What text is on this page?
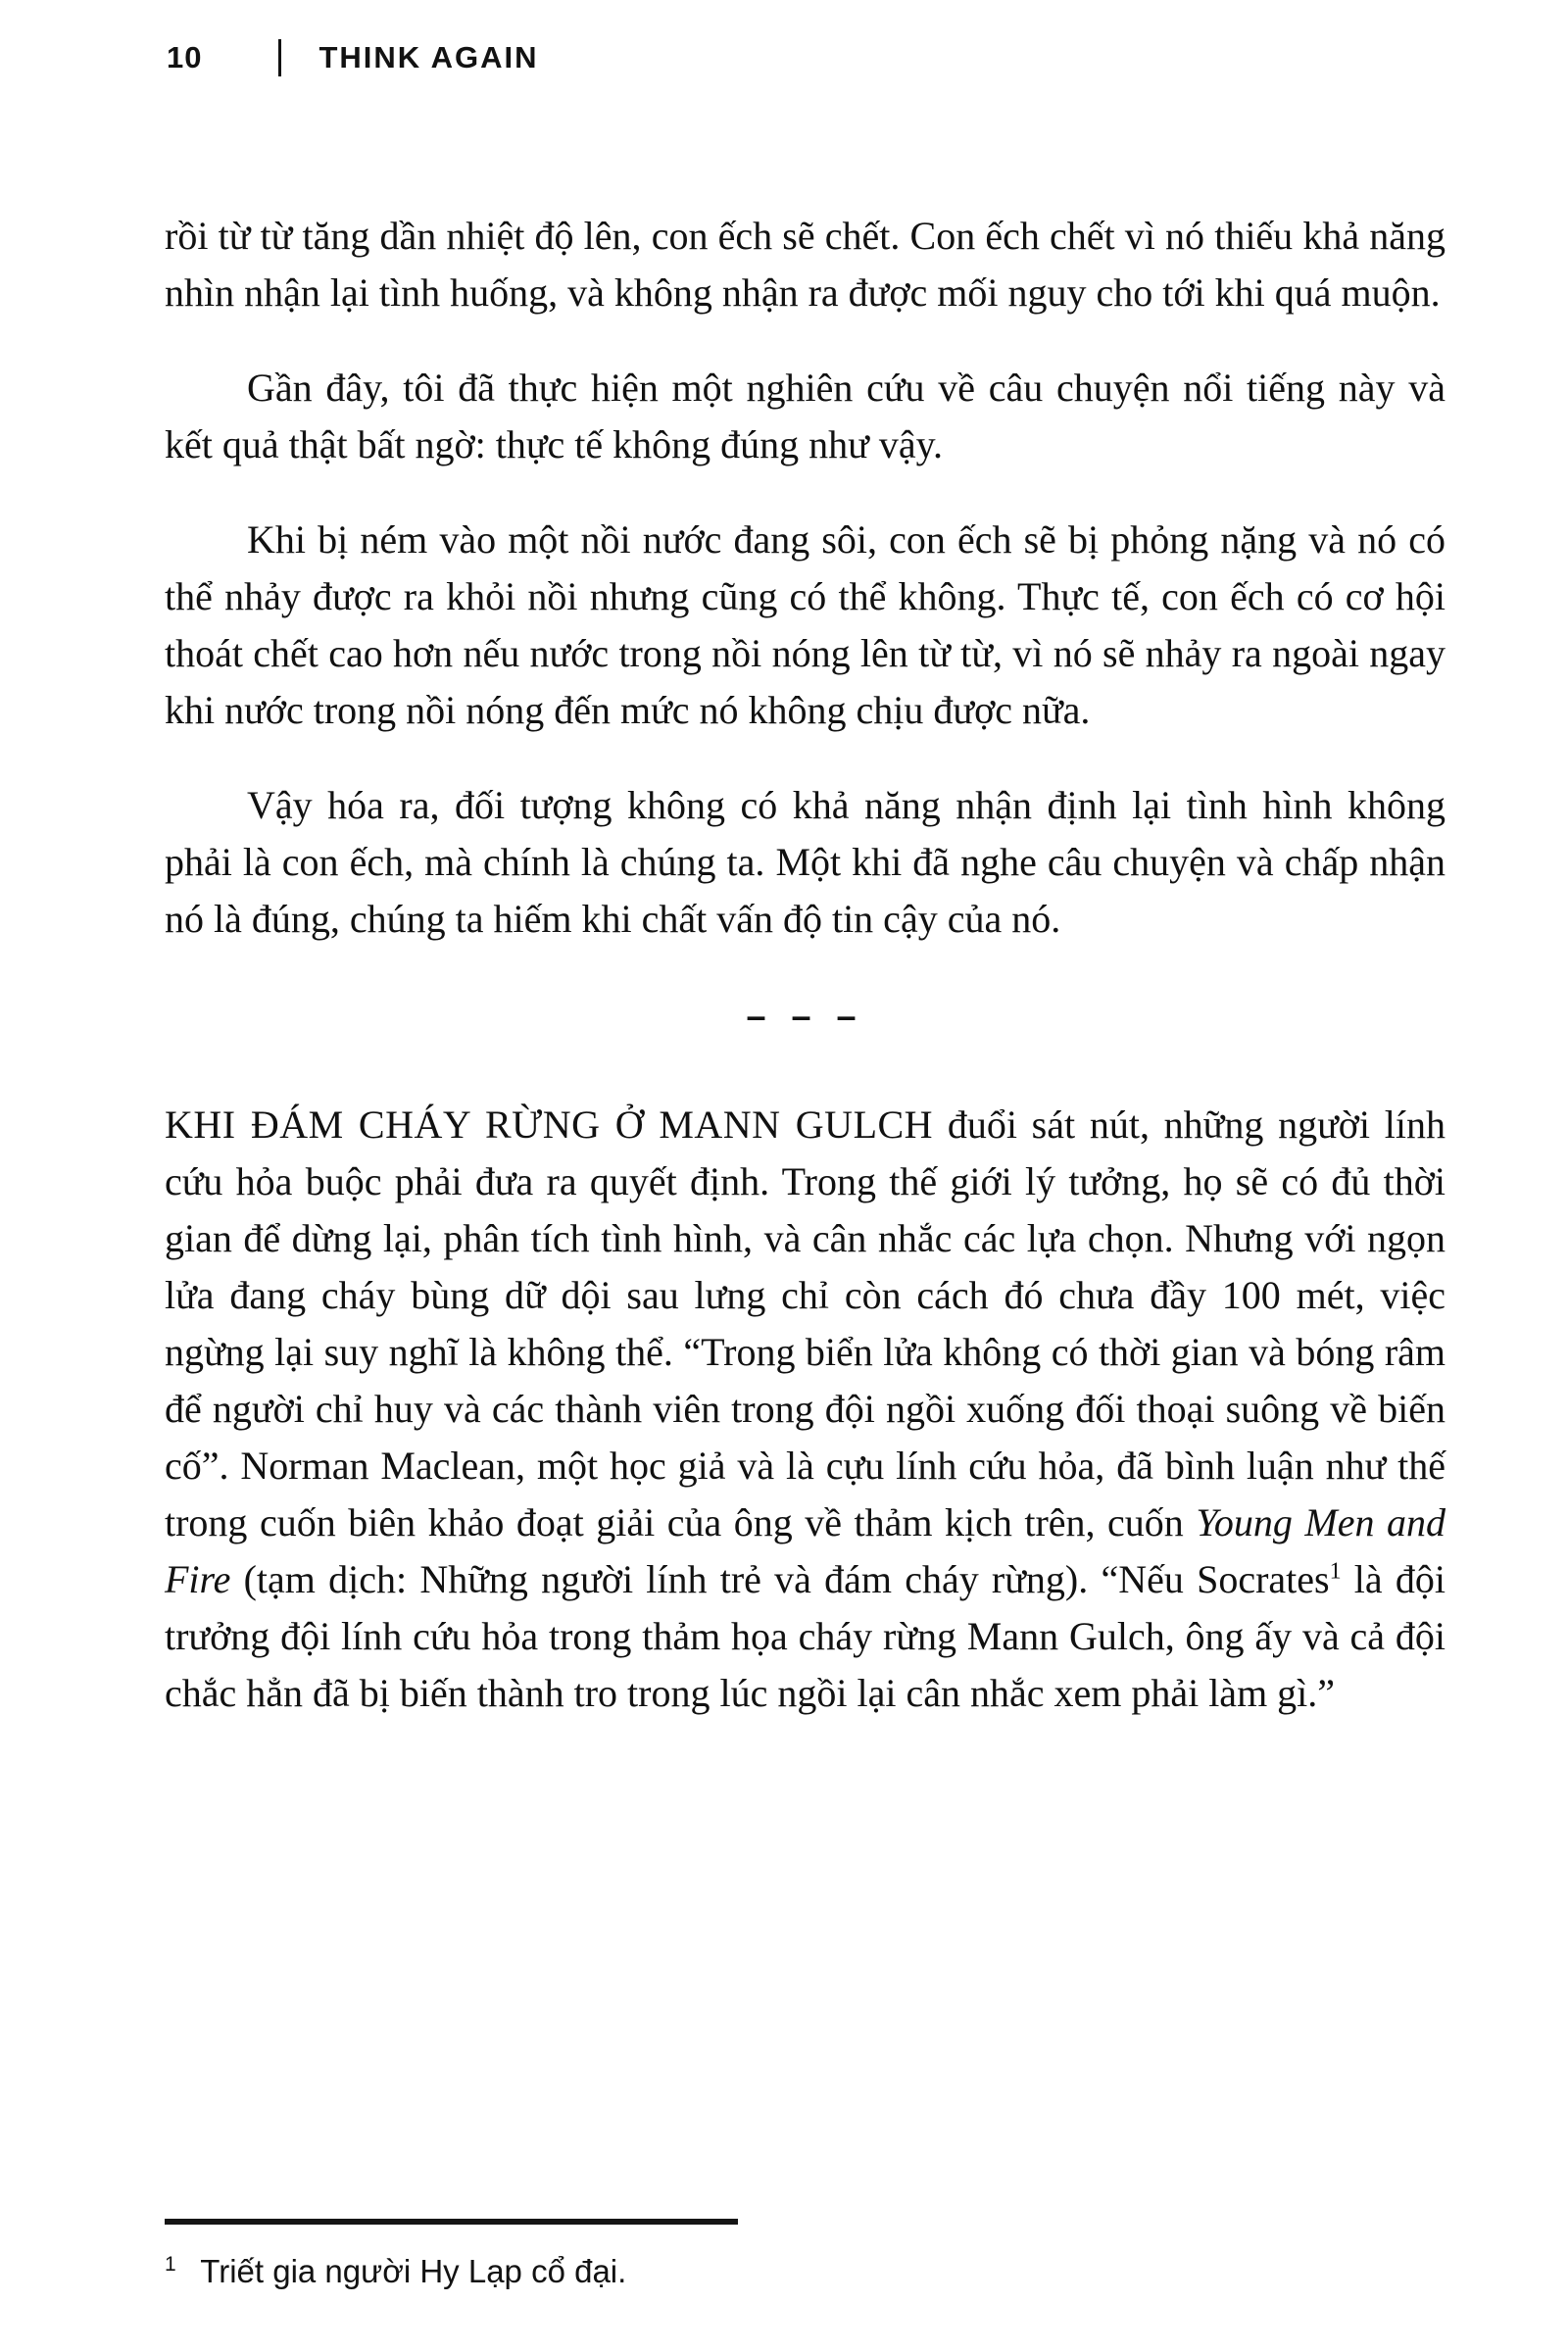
10	THINK AGAIN

rồi từ từ tăng dần nhiệt độ lên, con ếch sẽ chết. Con ếch chết vì nó thiếu khả năng nhìn nhận lại tình huống, và không nhận ra được mối nguy cho tới khi quá muộn.

Gần đây, tôi đã thực hiện một nghiên cứu về câu chuyện nổi tiếng này và kết quả thật bất ngờ: thực tế không đúng như vậy.

Khi bị ném vào một nồi nước đang sôi, con ếch sẽ bị phỏng nặng và nó có thể nhảy được ra khỏi nồi nhưng cũng có thể không. Thực tế, con ếch có cơ hội thoát chết cao hơn nếu nước trong nồi nóng lên từ từ, vì nó sẽ nhảy ra ngoài ngay khi nước trong nồi nóng đến mức nó không chịu được nữa.

Vậy hóa ra, đối tượng không có khả năng nhận định lại tình hình không phải là con ếch, mà chính là chúng ta. Một khi đã nghe câu chuyện và chấp nhận nó là đúng, chúng ta hiếm khi chất vấn độ tin cậy của nó.

– – –

KHI ĐÁM CHÁY RỪNG Ở MANN GULCH đuổi sát nút, những người lính cứu hỏa buộc phải đưa ra quyết định. Trong thế giới lý tưởng, họ sẽ có đủ thời gian để dừng lại, phân tích tình hình, và cân nhắc các lựa chọn. Nhưng với ngọn lửa đang cháy bùng dữ dội sau lưng chỉ còn cách đó chưa đầy 100 mét, việc ngừng lại suy nghĩ là không thể. “Trong biển lửa không có thời gian và bóng râm để người chỉ huy và các thành viên trong đội ngồi xuống đối thoại suông về biến cố”. Norman Maclean, một học giả và là cựu lính cứu hỏa, đã bình luận như thế trong cuốn biên khảo đoạt giải của ông về thảm kịch trên, cuốn Young Men and Fire (tạm dịch: Những người lính trẻ và đám cháy rừng). “Nếu Socrates$^1$ là đội trưởng đội lính cứu hỏa trong thảm họa cháy rừng Mann Gulch, ông ấy và cả đội chắc hẳn đã bị biến thành tro trong lúc ngồi lại cân nhắc xem phải làm gì.”

$^1$ Triết gia người Hy Lạp cổ đại.
